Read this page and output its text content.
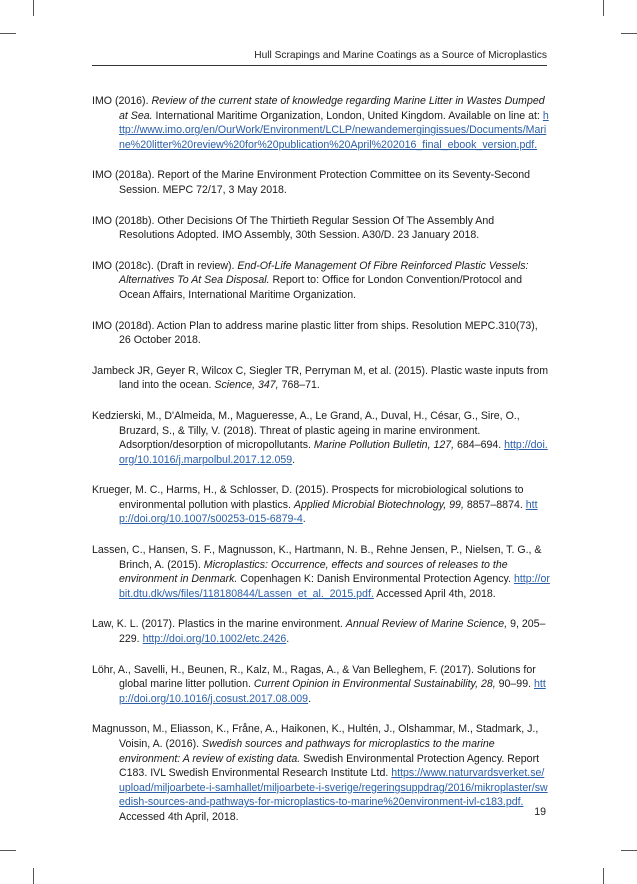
Hull Scrapings and Marine Coatings as a Source of Microplastics

IMO (2016). Review of the current state of knowledge regarding Marine Litter in Wastes Dumped at Sea. International Maritime Organization, London, United Kingdom. Available on line at: http://www.imo.org/en/OurWork/Environment/LCLP/newandemergingissues/Documents/Marine%20litter%20review%20for%20publication%20April%202016_final_ebook_version.pdf.

IMO (2018a). Report of the Marine Environment Protection Committee on its Seventy-Second Session. MEPC 72/17, 3 May 2018.

IMO (2018b). Other Decisions Of The Thirtieth Regular Session Of The Assembly And Resolutions Adopted. IMO Assembly, 30th Session. A30/D. 23 January 2018.

IMO (2018c). (Draft in review). End-Of-Life Management Of Fibre Reinforced Plastic Vessels: Alternatives To At Sea Disposal. Report to: Office for London Convention/Protocol and Ocean Affairs, International Maritime Organization.

IMO (2018d). Action Plan to address marine plastic litter from ships. Resolution MEPC.310(73), 26 October 2018.

Jambeck JR, Geyer R, Wilcox C, Siegler TR, Perryman M, et al. (2015). Plastic waste inputs from land into the ocean. Science, 347, 768–71.

Kedzierski, M., D'Almeida, M., Magueresse, A., Le Grand, A., Duval, H., César, G., Sire, O., Bruzard, S., & Tilly, V. (2018). Threat of plastic ageing in marine environment. Adsorption/desorption of micropollutants. Marine Pollution Bulletin, 127, 684–694. http://doi.org/10.1016/j.marpolbul.2017.12.059.

Krueger, M. C., Harms, H., & Schlosser, D. (2015). Prospects for microbiological solutions to environmental pollution with plastics. Applied Microbial Biotechnology, 99, 8857–8874. http://doi.org/10.1007/s00253-015-6879-4.

Lassen, C., Hansen, S. F., Magnusson, K., Hartmann, N. B., Rehne Jensen, P., Nielsen, T. G., & Brinch, A. (2015). Microplastics: Occurrence, effects and sources of releases to the environment in Denmark. Copenhagen K: Danish Environmental Protection Agency. http://orbit.dtu.dk/ws/files/118180844/Lassen_et_al._2015.pdf. Accessed April 4th, 2018.

Law, K. L. (2017). Plastics in the marine environment. Annual Review of Marine Science, 9, 205–229. http://doi.org/10.1002/etc.2426.

Löhr, A., Savelli, H., Beunen, R., Kalz, M., Ragas, A., & Van Belleghem, F. (2017). Solutions for global marine litter pollution. Current Opinion in Environmental Sustainability, 28, 90–99. http://doi.org/10.1016/j.cosust.2017.08.009.

Magnusson, M., Eliasson, K., Fråne, A., Haikonen, K., Hultén, J., Olshammar, M., Stadmark, J., Voisin, A. (2016). Swedish sources and pathways for microplastics to the marine environment: A review of existing data. Swedish Environmental Protection Agency. Report C183. IVL Swedish Environmental Research Institute Ltd. https://www.naturvardsverket.se/upload/miljoarbete-i-samhallet/miljoarbete-i-sverige/regeringsuppdrag/2016/mikroplaster/swedish-sources-and-pathways-for-microplastics-to-marine%20environment-ivl-c183.pdf. Accessed 4th April, 2018.	19
